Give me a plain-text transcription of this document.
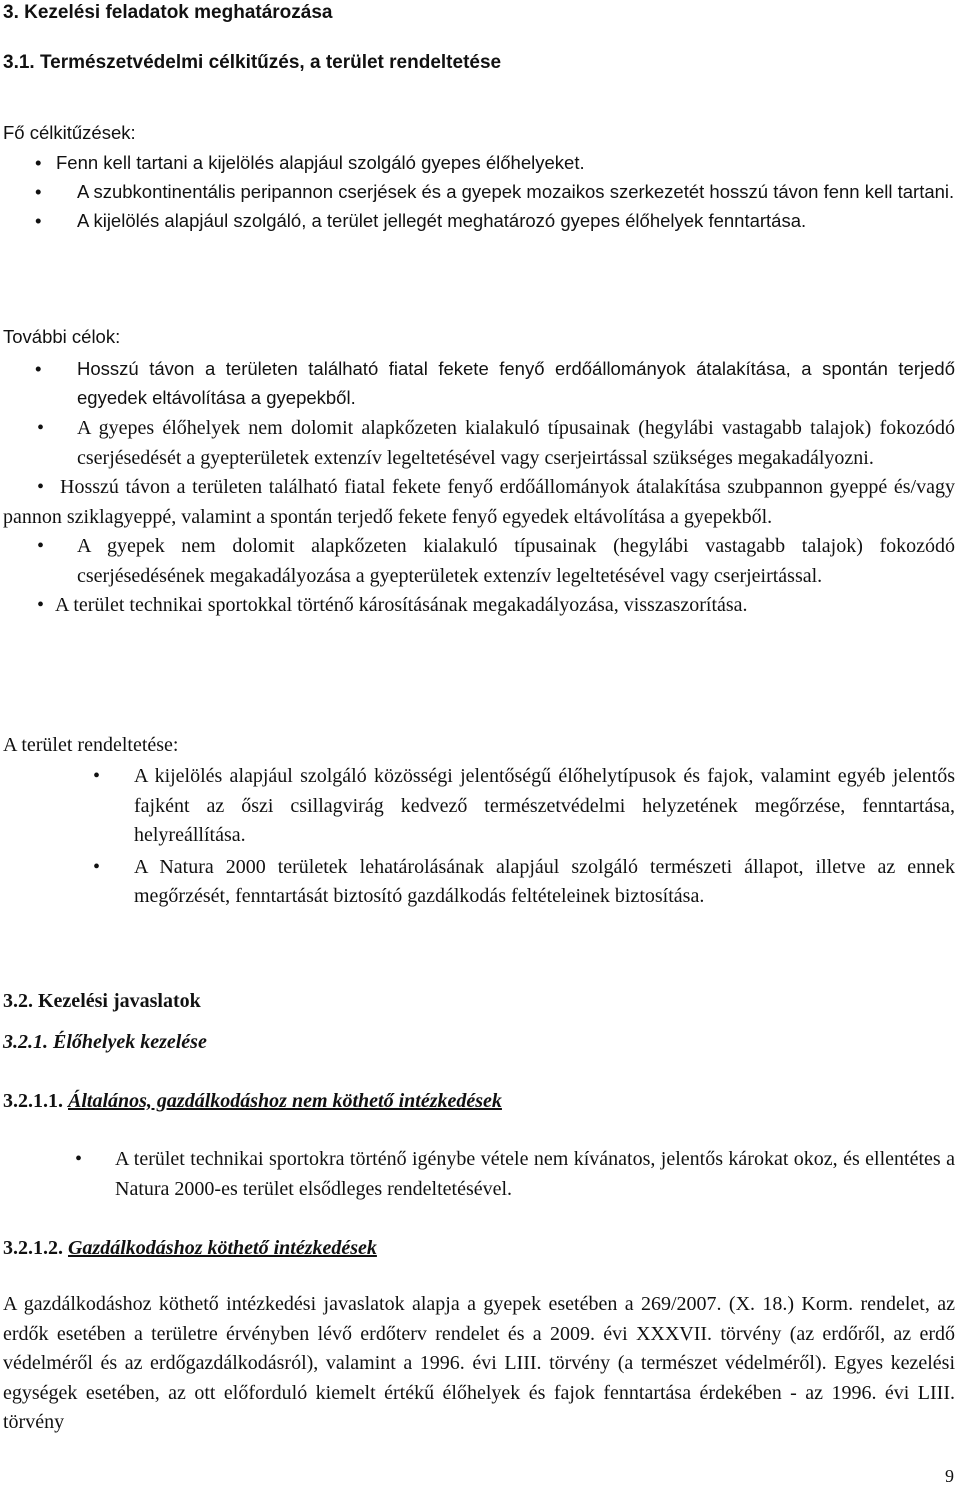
3. Kezelési feladatok meghatározása
3.1. Természetvédelmi célkitűzés, a terület rendeltetése
Fő célkitűzések:
• Fenn kell tartani a kijelölés alapjául szolgáló gyepes élőhelyeket.
• A szubkontinentális peripannon cserjések és a gyepek mozaikos szerkezetét hosszú távon fenn kell tartani.
• A kijelölés alapjául szolgáló, a terület jellegét meghatározó gyepes élőhelyek fenntartása.
További célok:
• Hosszú távon a területen található fiatal fekete fenyő erdőállományok átalakítása, a spontán terjedő egyedek eltávolítása a gyepekből.
• A gyepes élőhelyek nem dolomit alapkőzeten kialakuló típusainak (hegylábi vastagabb talajok) fokozódó cserjésedését a gyepterületek extenzív legeltetésével vagy cserjeirtással szükséges megakadályozni.
• Hosszú távon a területen található fiatal fekete fenyő erdőállományok átalakítása szubpannon gyeppé és/vagy pannon sziklagyeppé, valamint a spontán terjedő fekete fenyő egyedek eltávolítása a gyepekből.
• A gyepek nem dolomit alapkőzeten kialakuló típusainak (hegylábi vastagabb talajok) fokozódó cserjésedésének megakadályozása a gyepterületek extenzív legeltetésével vagy cserjeirtással.
• A terület technikai sportokkal történő károsításának megakadályozása, visszaszorítása.
A terület rendeltetése:
• A kijelölés alapjául szolgáló közösségi jelentőségű élőhelytípusok és fajok, valamint egyéb jelentős fajként az őszi csillagvirág kedvező természetvédelmi helyzetének megőrzése, fenntartása, helyreállítása.
• A Natura 2000 területek lehatárolásának alapjául szolgáló természeti állapot, illetve az ennek megőrzését, fenntartását biztosító gazdálkodás feltételeinek biztosítása.
3.2. Kezelési javaslatok
3.2.1. Élőhelyek kezelése
3.2.1.1. Általános, gazdálkodáshoz nem köthető intézkedések
• A terület technikai sportokra történő igénybe vétele nem kívánatos, jelentős károkat okoz, és ellentétes a Natura 2000-es terület elsődleges rendeltetésével.
3.2.1.2. Gazdálkodáshoz köthető intézkedések

A gazdálkodáshoz köthető intézkedési javaslatok alapja a gyepek esetében a 269/2007. (X. 18.) Korm. rendelet, az erdők esetében a területre érvényben lévő erdőterv rendelet és a 2009. évi XXXVII. törvény (az erdőről, az erdő védelméről és az erdőgazdálkodásról), valamint a 1996. évi LIII. törvény (a természet védelméről). Egyes kezelési egységek esetében, az ott előforduló kiemelt értékű élőhelyek és fajok fenntartása érdekében - az 1996. évi LIII. törvény

9
